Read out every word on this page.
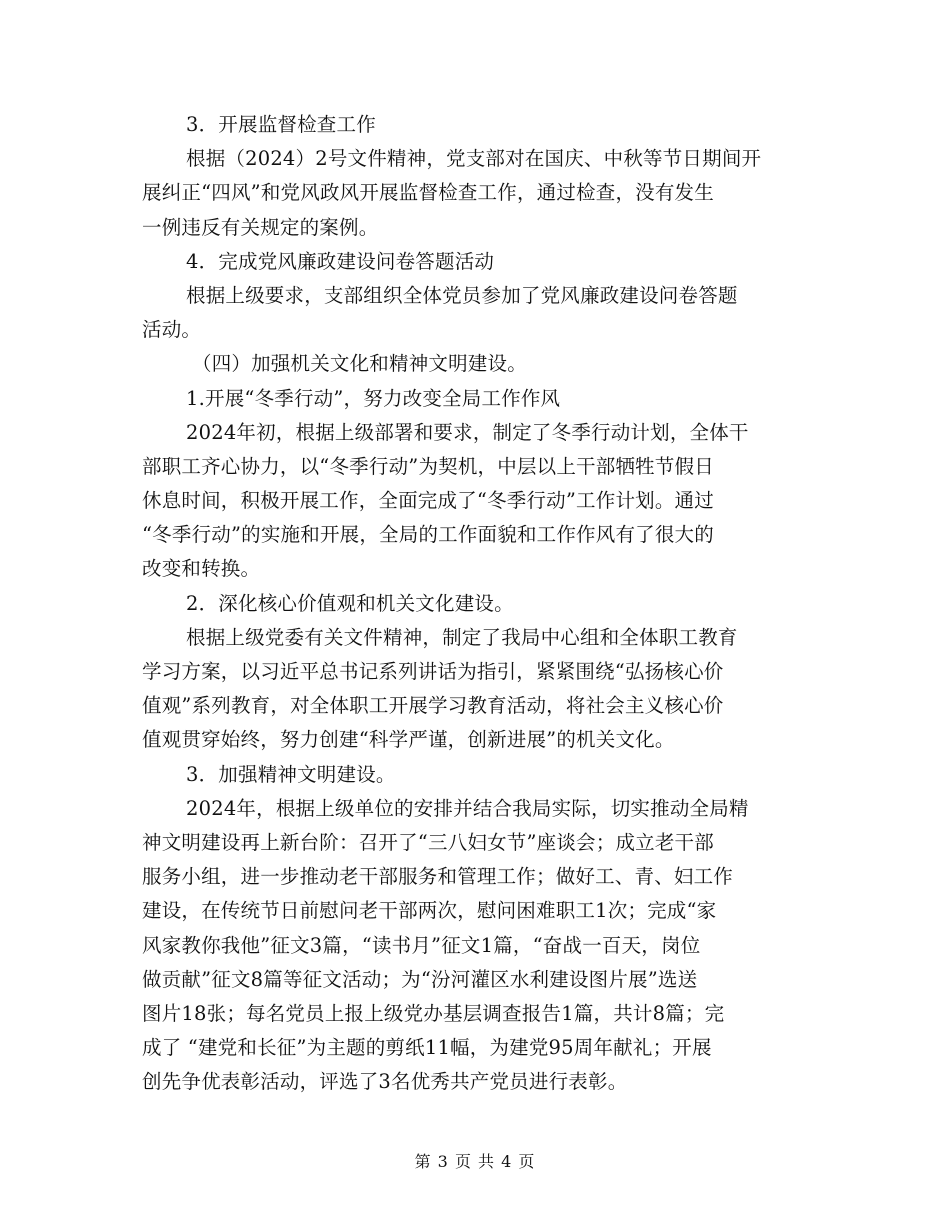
3．开展监督检查工作
根据（2024）2号文件精神，党支部对在国庆、中秋等节日期间开
展纠正“四风”和党风政风开展监督检查工作，通过检查，没有发生
一例违反有关规定的案例。
4．完成党风廉政建设问卷答题活动
根据上级要求，支部组织全体党员参加了党风廉政建设问卷答题
活动。
（四）加强机关文化和精神文明建设。
1.开展“冬季行动”，努力改变全局工作作风
2024年初，根据上级部署和要求，制定了冬季行动计划，全体干
部职工齐心协力，以“冬季行动”为契机，中层以上干部牺牲节假日
休息时间，积极开展工作，全面完成了“冬季行动”工作计划。通过
“冬季行动”的实施和开展，全局的工作面貌和工作作风有了很大的
改变和转换。
2．深化核心价值观和机关文化建设。
根据上级党委有关文件精神，制定了我局中心组和全体职工教育
学习方案，以习近平总书记系列讲话为指引，紧紧围绕“弘扬核心价
值观”系列教育，对全体职工开展学习教育活动，将社会主义核心价
值观贯穿始终，努力创建“科学严谨，创新进展”的机关文化。
3．加强精神文明建设。
2024年，根据上级单位的安排并结合我局实际，切实推动全局精
神文明建设再上新台阶：召开了“三八妇女节”座谈会；成立老干部
服务小组，进一步推动老干部服务和管理工作；做好工、青、妇工作
建设，在传统节日前慰问老干部两次，慰问困难职工1次；完成“家
风家教你我他”征文3篇，“读书月”征文1篇，“奋战一百天，岗位
做贡献”征文8篇等征文活动；为“汾河灌区水利建设图片展”选送
图片18张；每名党员上报上级党办基层调查报告1篇，共计8篇；完
成了 “建党和长征”为主题的剪纸11幅，为建党95周年献礼；开展
创先争优表彰活动，评选了3名优秀共产党员进行表彰。
第 3 页 共 4 页
